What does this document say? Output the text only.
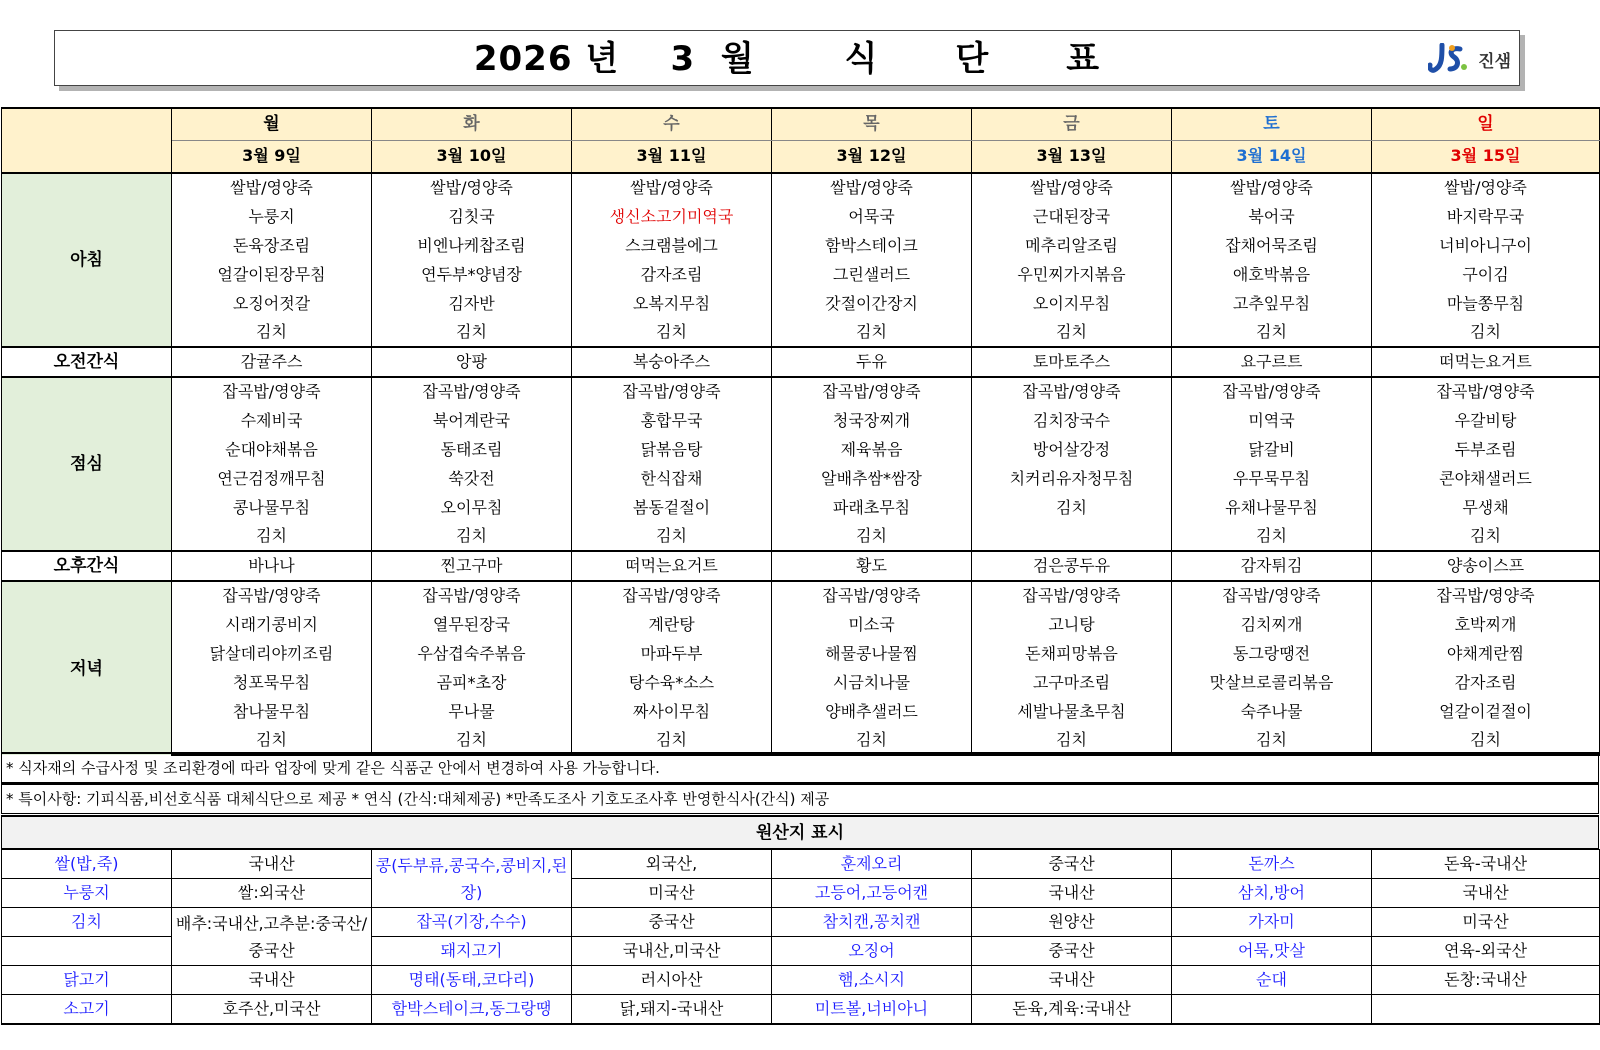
2026 년    3  월       식      단      표	진샘
	월	화	수	목	금	토	일
	3월 9일	3월 10일	3월 11일	3월 12일	3월 13일	3월 14일	3월 15일
아침	쌀밥/영양죽	쌀밥/영양죽	쌀밥/영양죽	쌀밥/영양죽	쌀밥/영양죽	쌀밥/영양죽	쌀밥/영양죽
	누룽지	김칫국	생신소고기미역국	어묵국	근대된장국	북어국	바지락무국
	돈육장조림	비엔나케찹조림	스크램블에그	함박스테이크	메추리알조림	잡채어묵조림	너비아니구이
	얼갈이된장무침	연두부*양념장	감자조림	그린샐러드	우민찌가지볶음	애호박볶음	구이김
	오징어젓갈	김자반	오복지무침	갓절이간장지	오이지무침	고추잎무침	마늘쫑무침
	김치	김치	김치	김치	김치	김치	김치
오전간식	감귤주스	앙팡	복숭아주스	두유	토마토주스	요구르트	떠먹는요거트
점심	잡곡밥/영양죽	잡곡밥/영양죽	잡곡밥/영양죽	잡곡밥/영양죽	잡곡밥/영양죽	잡곡밥/영양죽	잡곡밥/영양죽
	수제비국	북어계란국	홍합무국	청국장찌개	김치장국수	미역국	우갈비탕
	순대야채볶음	동태조림	닭볶음탕	제육볶음	방어살강정	닭갈비	두부조림
	연근검정깨무침	쑥갓전	한식잡채	알배추쌈*쌈장	치커리유자청무침	우무묵무침	콘야채샐러드
	콩나물무침	오이무침	봄동겉절이	파래초무침	김치	유채나물무침	무생채
	김치	김치	김치	김치		김치	김치
오후간식	바나나	찐고구마	떠먹는요거트	황도	검은콩두유	감자튀김	양송이스프
저녁	잡곡밥/영양죽	잡곡밥/영양죽	잡곡밥/영양죽	잡곡밥/영양죽	잡곡밥/영양죽	잡곡밥/영양죽	잡곡밥/영양죽
	시래기콩비지	열무된장국	계란탕	미소국	고니탕	김치찌개	호박찌개
	닭살데리야끼조림	우삼겹숙주볶음	마파두부	해물콩나물찜	돈채피망볶음	동그랑땡전	야채계란찜
	청포묵무침	곰피*초장	탕수육*소스	시금치나물	고구마조림	맛살브로콜리볶음	감자조림
	참나물무침	무나물	짜사이무침	양배추샐러드	세발나물초무침	숙주나물	얼갈이겉절이
	김치	김치	김치	김치	김치	김치	김치
* 식자재의 수급사정 및 조리환경에 따라 업장에 맞게 같은 식품군 안에서 변경하여 사용 가능합니다.
* 특이사항: 기피식품,비선호식품 대체식단으로 제공 * 연식 (간식:대체제공) *만족도조사 기호도조사후 반영한식사(간식) 제공
원산지 표시
쌀(밥,죽)	국내산	콩(두부류,콩국수,콩비지,된장)	외국산,	훈제오리	중국산	돈까스	돈육-국내산
누룽지	쌀:외국산		미국산	고등어,고등어캔	국내산	삼치,방어	국내산
김치	배추:국내산,고추분:중국산/중국산	잡곡(기장,수수)	중국산	참치캔,꽁치캔	원양산	가자미	미국산
		돼지고기	국내산,미국산	오징어	중국산	어묵,맛살	연육-외국산
닭고기	국내산	명태(동태,코다리)	러시아산	햄,소시지	국내산	순대	돈창:국내산
소고기	호주산,미국산	함박스테이크,동그랑땡	닭,돼지-국내산	미트볼,너비아니	돈육,계육:국내산		
